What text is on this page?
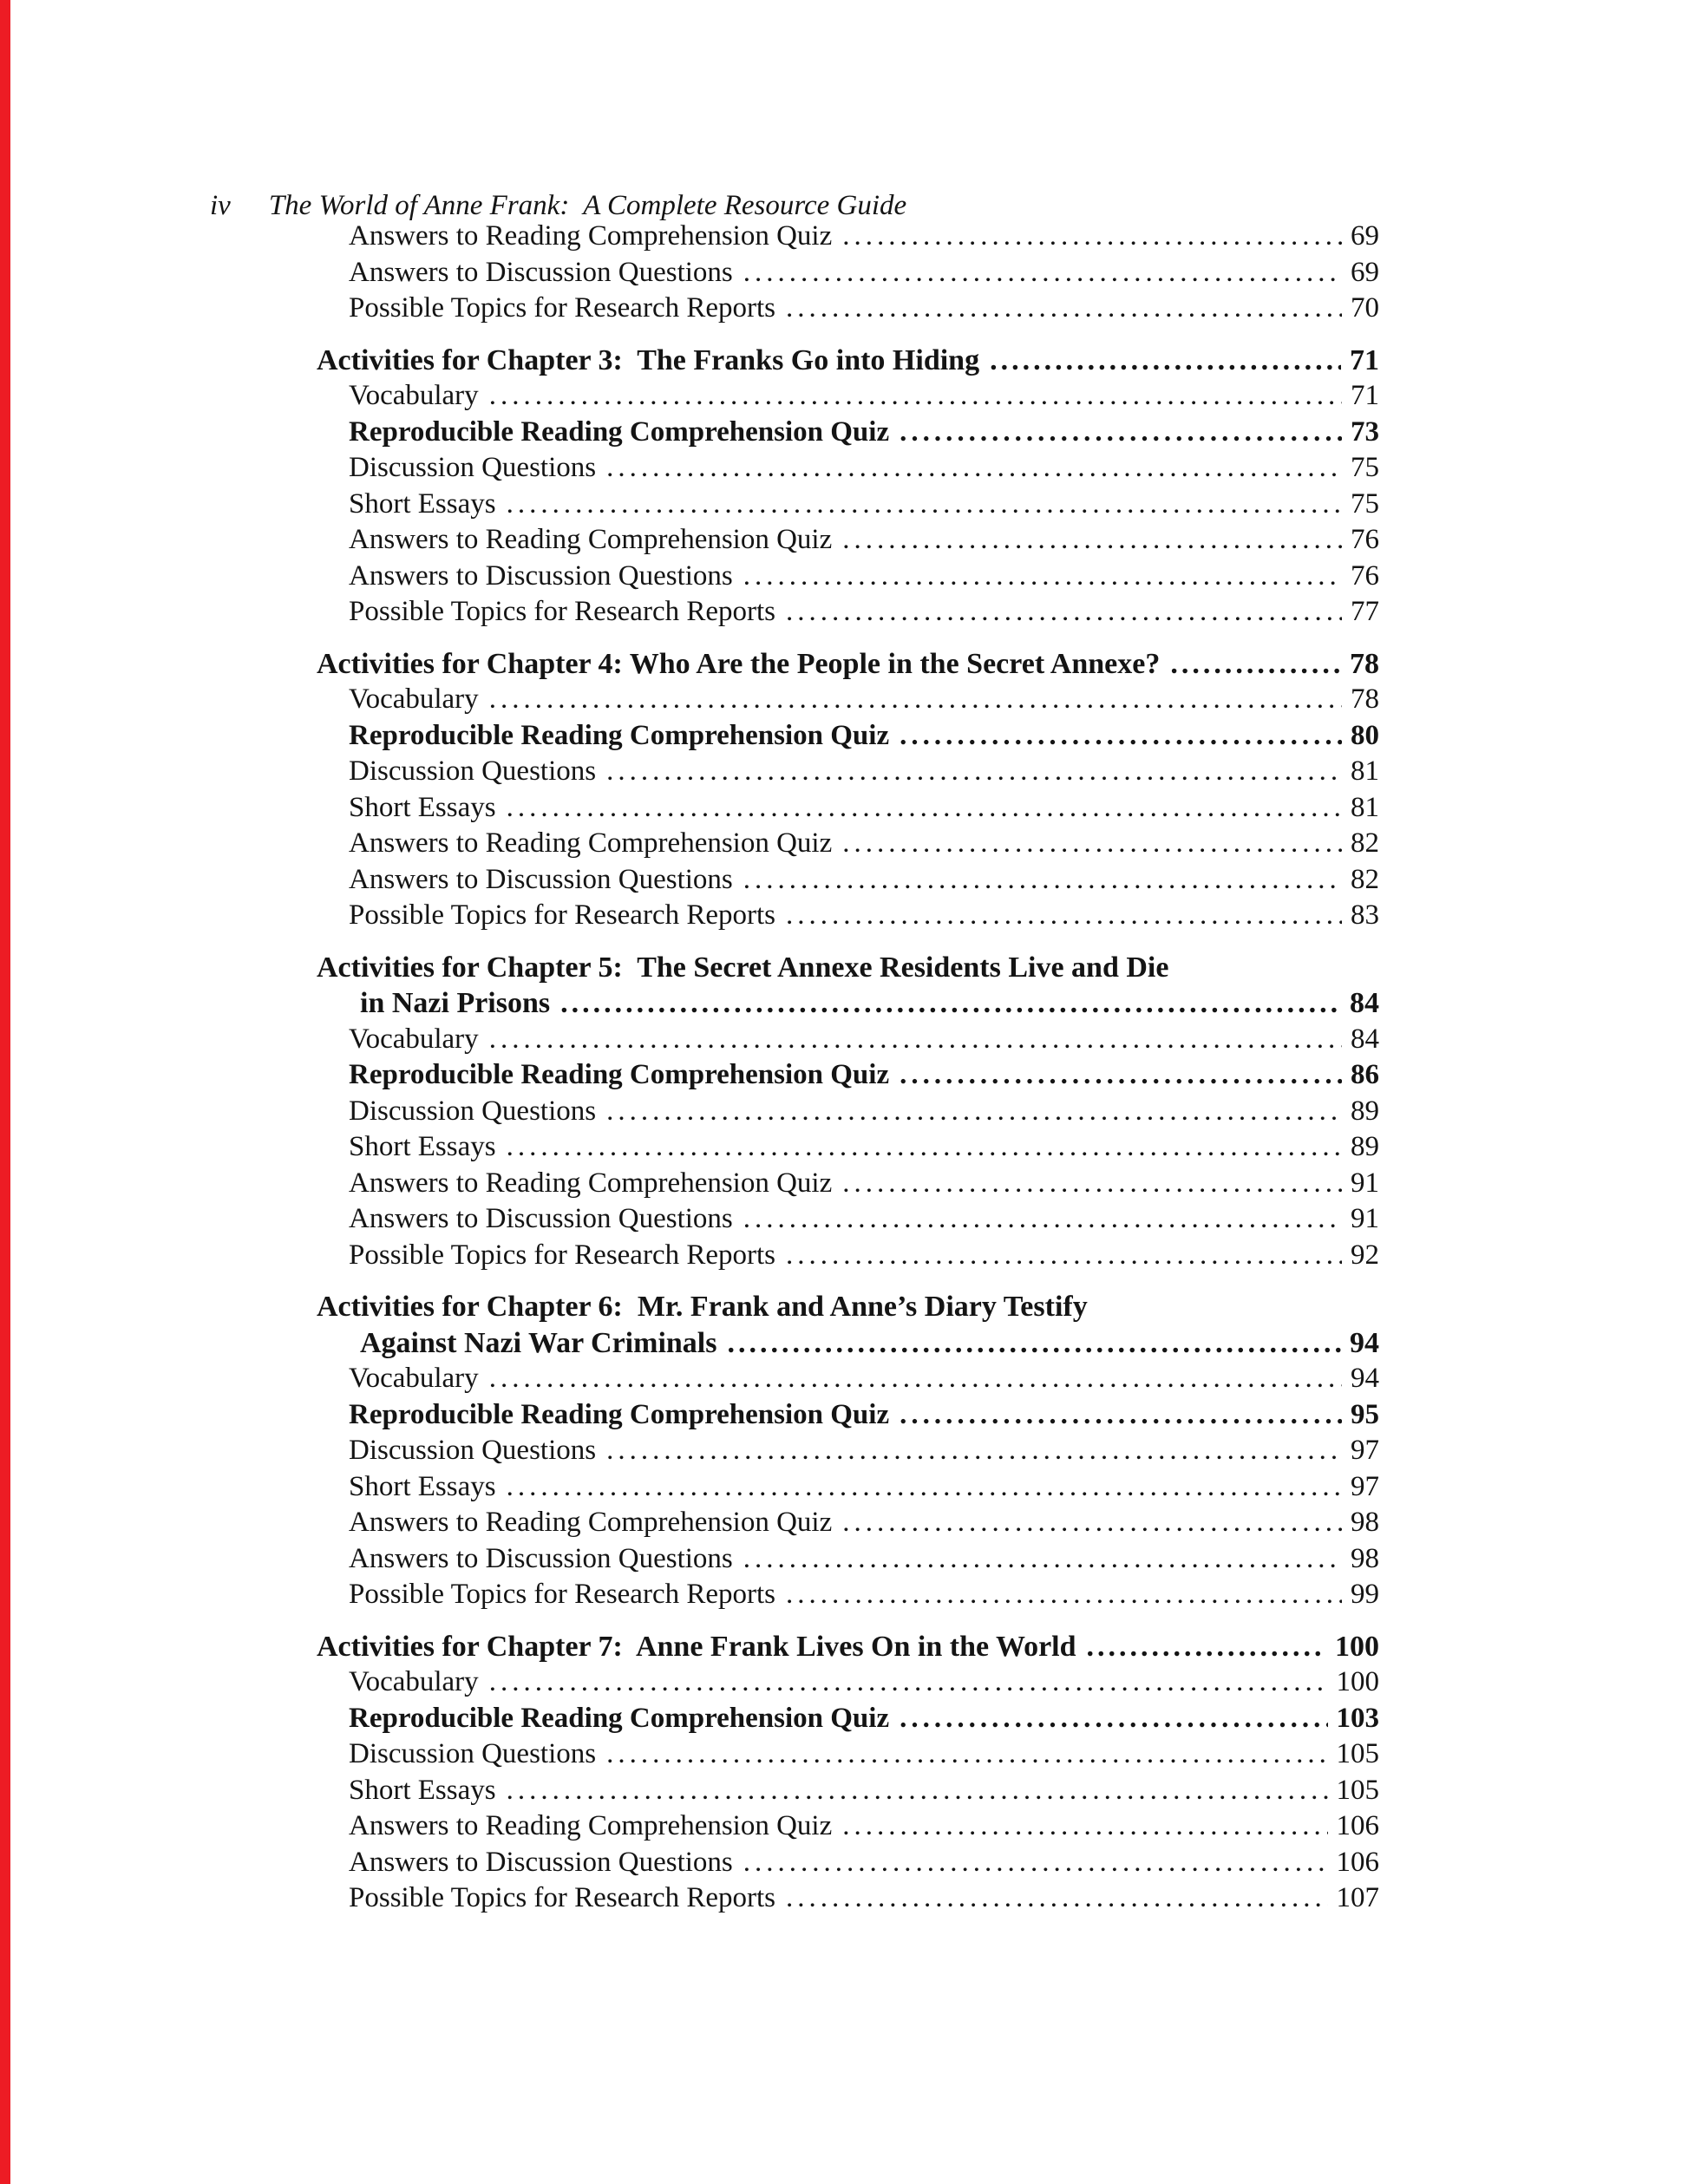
iv The World of Anne Frank:  A Complete Resource Guide

Answers to Reading Comprehension Quiz .....	69
Answers to Discussion Questions .....	69
Possible Topics for Research Reports .....	70
Activities for Chapter 3:  The Franks Go into Hiding .....	71
Vocabulary .....	71
Reproducible Reading Comprehension Quiz .....	73
Discussion Questions .....	75
Short Essays .....	75
Answers to Reading Comprehension Quiz .....	76
Answers to Discussion Questions .....	76
Possible Topics for Research Reports .....	77
Activities for Chapter 4: Who Are the People in the Secret Annexe? .....	78
Vocabulary .....	78
Reproducible Reading Comprehension Quiz .....	80
Discussion Questions .....	81
Short Essays .....	81
Answers to Reading Comprehension Quiz .....	82
Answers to Discussion Questions .....	82
Possible Topics for Research Reports .....	83
Activities for Chapter 5:  The Secret Annexe Residents Live and Die
in Nazi Prisons .....	84
Vocabulary .....	84
Reproducible Reading Comprehension Quiz .....	86
Discussion Questions .....	89
Short Essays .....	89
Answers to Reading Comprehension Quiz .....	91
Answers to Discussion Questions .....	91
Possible Topics for Research Reports .....	92
Activities for Chapter 6:  Mr. Frank and Anne’s Diary Testify
Against Nazi War Criminals .....	94
Vocabulary .....	94
Reproducible Reading Comprehension Quiz .....	95
Discussion Questions .....	97
Short Essays .....	97
Answers to Reading Comprehension Quiz .....	98
Answers to Discussion Questions .....	98
Possible Topics for Research Reports .....	99
Activities for Chapter 7:  Anne Frank Lives On in the World .....	100
Vocabulary .....	100
Reproducible Reading Comprehension Quiz .....	103
Discussion Questions .....	105
Short Essays .....	105
Answers to Reading Comprehension Quiz .....	106
Answers to Discussion Questions .....	106
Possible Topics for Research Reports .....	107
